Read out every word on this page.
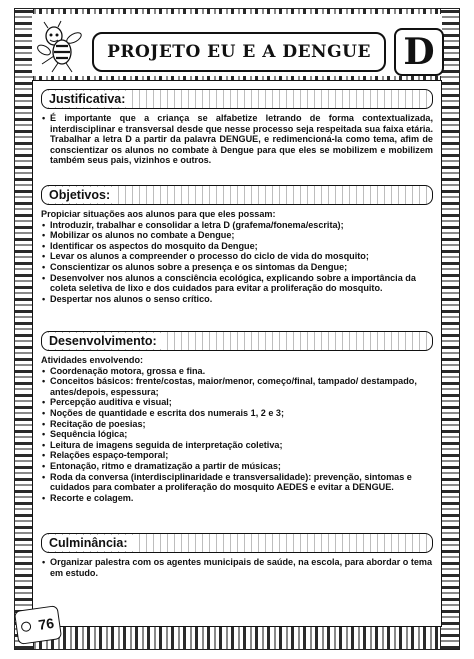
PROJETO EU E A DENGUE D
Justificativa:
• É importante que a criança se alfabetize letrando de forma contextualizada, interdisciplinar e transversal desde que nesse processo seja respeitada sua faixa etária. Trabalhar a letra D a partir da palavra DENGUE, e redimencioná-la como tema, afim de conscientizar os alunos no combate à Dengue para que eles se mobilizem e mobilizem também seus pais, vizinhos e outros.
Objetivos:

Propiciar situações aos alunos para que eles possam:

• Introduzir, trabalhar e consolidar a letra D (grafema/fonema/escrita);
• Mobilizar os alunos no combate a Dengue;
• Identificar os aspectos do mosquito da Dengue;
• Levar os alunos a compreender o processo do ciclo de vida do mosquito;
• Conscientizar os alunos sobre a presença e os sintomas da Dengue;
• Desenvolver nos alunos a consciência ecológica, explicando sobre a importância da coleta seletiva de lixo e dos cuidados para evitar a proliferação do mosquito.
• Despertar nos alunos o senso crítico.
Desenvolvimento:

Atividades envolvendo:

• Coordenação motora, grossa e fina.
• Conceitos básicos: frente/costas, maior/menor, começo/final, tampado/ destampado, antes/depois, espessura;
• Percepção auditiva e visual;
• Noções de quantidade e escrita dos numerais 1, 2 e 3;
• Recitação de poesias;
• Sequência lógica;
• Leitura de imagens seguida de interpretação coletiva;
• Relações espaço-temporal;
• Entonação, ritmo e dramatização a partir de músicas;
• Roda da conversa (interdisciplinaridade e transversalidade): prevenção, sintomas e cuidados para combater a proliferação do mosquito AEDES e evitar a DENGUE.
• Recorte e colagem.
Culminância:
• Organizar palestra com os agentes municipais de saúde, na escola, para abordar o tema em estudo.
76
